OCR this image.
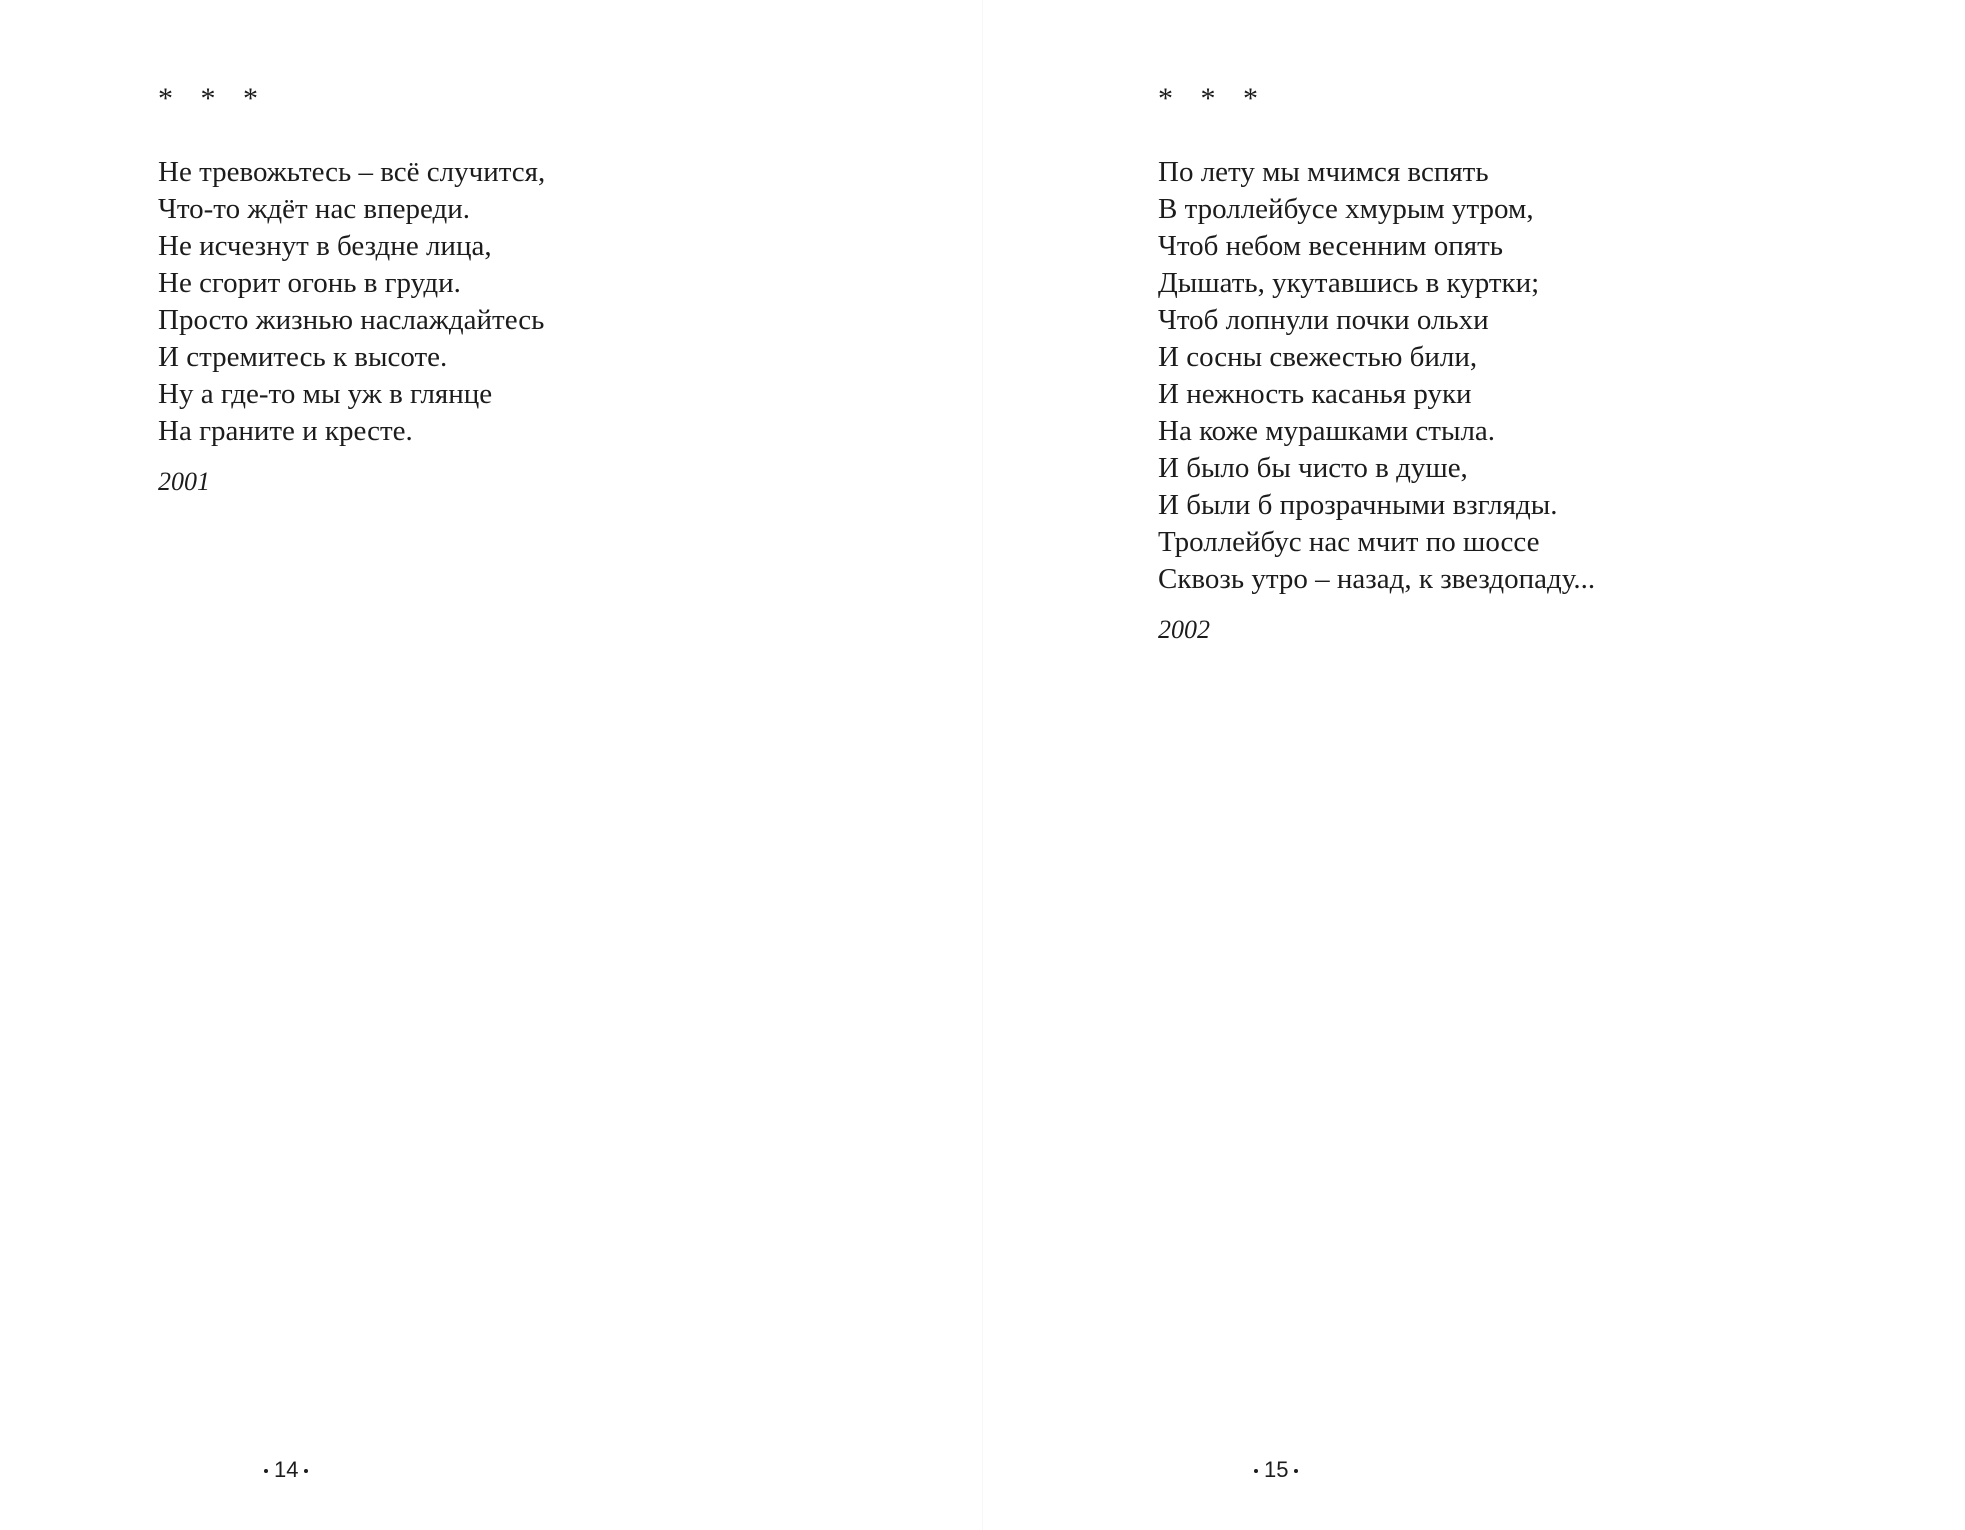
* * *
Не тревожьтесь – всё случится,
Что-то ждёт нас впереди.
Не исчезнут в бездне лица,
Не сгорит огонь в груди.
Просто жизнью наслаждайтесь
И стремитесь к высоте.
Ну а где-то мы уж в глянце
На граните и кресте.
2001
14
* * *
По лету мы мчимся вспять
В троллейбусе хмурым утром,
Чтоб небом весенним опять
Дышать, укутавшись в куртки;
Чтоб лопнули почки ольхи
И сосны свежестью били,
И нежность касанья руки
На коже мурашками стыла.
И было бы чисто в душе,
И были б прозрачными взгляды.
Троллейбус нас мчит по шоссе
Сквозь утро – назад, к звездопаду...
2002
15
